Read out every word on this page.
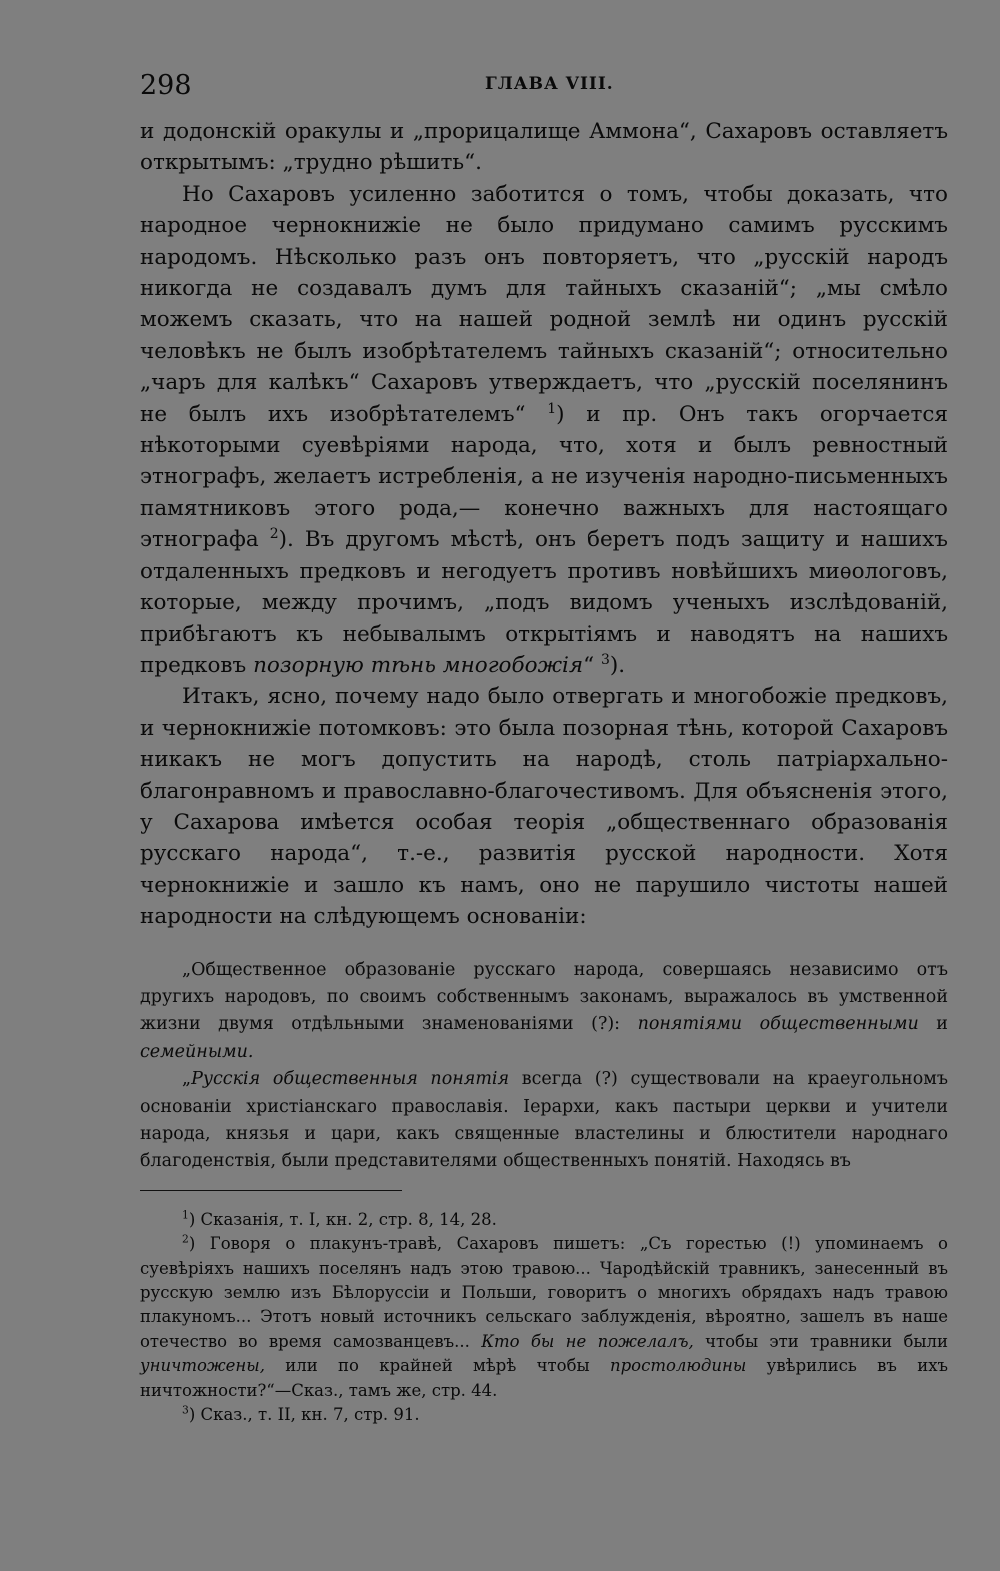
298	ГЛАВА VIII.

и додонскій оракулы и „прорицалище Аммона“, Сахаровъ оставляетъ открытымъ: „трудно рѣшить“.

Но Сахаровъ усиленно заботится о томъ, чтобы доказать, что народное чернокнижіе не было придумано самимъ русскимъ народомъ. Нѣсколько разъ онъ повторяетъ, что „русскій народъ никогда не создавалъ думъ для тайныхъ сказаній“; „мы смѣло можемъ сказать, что на нашей родной землѣ ни одинъ русскій человѣкъ не былъ изобрѣтателемъ тайныхъ сказаній“; относительно „чаръ для калѣкъ“ Сахаровъ утверждаетъ, что „русскій поселянинъ не былъ ихъ изобрѣтателемъ“ $^1$) и пр. Онъ такъ огорчается нѣкоторыми суевѣріями народа, что, хотя и былъ ревностный этнографъ, желаетъ истребленія, а не изученія народно-письменныхъ памятниковъ этого рода,— конечно важныхъ для настоящаго этнографа $^2$). Въ другомъ мѣстѣ, онъ беретъ подъ защиту и нашихъ отдаленныхъ предковъ и негодуетъ противъ новѣйшихъ миѳологовъ, которые, между прочимъ, „подъ видомъ ученыхъ изслѣдованій, прибѣгаютъ къ небывалымъ открытіямъ и наводятъ на нашихъ предковъ позорную тѣнь многобожія“ $^3$).

Итакъ, ясно, почему надо было отвергать и многобожіе предковъ, и чернокнижіе потомковъ: это была позорная тѣнь, которой Сахаровъ никакъ не могъ допустить на народѣ, столь патріархально-благонравномъ и православно-благочестивомъ. Для объясненія этого, у Сахарова имѣется особая теорія „общественнаго образованія русскаго народа“, т.-е., развитія русской народности. Хотя чернокнижіе и зашло къ намъ, оно не парушило чистоты нашей народности на слѣдующемъ основаніи:

„Общественное образованіе русскаго народа, совершаясь независимо отъ другихъ народовъ, по своимъ собственнымъ законамъ, выражалось въ умственной жизни двумя отдѣльными знаменованіями (?): понятіями общественными и семейными.

„Русскія общественныя понятія всегда (?) существовали на краеугольномъ основаніи христіанскаго православія. Іерархи, какъ пастыри церкви и учители народа, князья и цари, какъ священные властелины и блюстители народнаго благоденствія, были представителями общественныхъ понятій. Находясь въ

$^1$) Сказанія, т. I, кн. 2, стр. 8, 14, 28.

$^2$) Говоря о плакунъ-травѣ, Сахаровъ пишетъ: „Съ горестью (!) упоминаемъ о суевѣріяхъ нашихъ поселянъ надъ этою травою... Чародѣйскій травникъ, занесенный въ русскую землю изъ Бѣлоруссіи и Польши, говоритъ о многихъ обрядахъ надъ травою плакуномъ... Этотъ новый источникъ сельскаго заблужденія, вѣроятно, зашелъ въ наше отечество во время самозванцевъ... Кто бы не пожелалъ, чтобы эти травники были уничтожены, или по крайней мѣрѣ чтобы простолюдины увѣрились въ ихъ ничтожности?“—Сказ., тамъ же, стр. 44.

$^3$) Сказ., т. II, кн. 7, стр. 91.
